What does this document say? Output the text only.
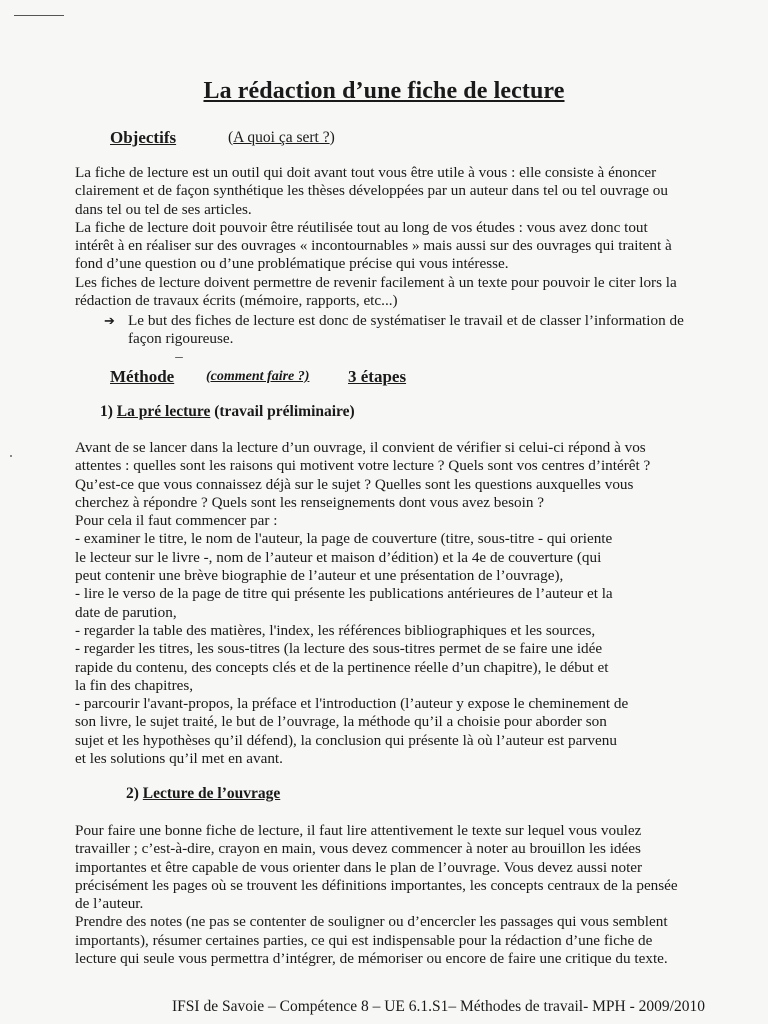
La rédaction d’une fiche de lecture
Objectifs	(A quoi ça sert ?)
La fiche de lecture est un outil qui doit avant tout vous être utile à vous : elle consiste à énoncer
clairement et de façon synthétique les thèses développées par un auteur dans tel ou tel ouvrage ou
dans tel ou tel de ses articles.
La fiche de lecture doit pouvoir être réutilisée tout au long de vos études : vous avez donc tout
intérêt à en réaliser sur des ouvrages « incontournables » mais aussi sur des ouvrages qui traitent à
fond d’une question ou d’une problématique précise qui vous intéresse.
Les fiches de lecture doivent permettre de revenir facilement à un texte pour pouvoir le citer lors la
rédaction de travaux écrits (mémoire, rapports, etc...)
➔ Le but des fiches de lecture est donc de systématiser le travail et de classer l’information de
façon rigoureuse.
Méthode (comment faire ?) 3 étapes
1) La pré lecture (travail préliminaire)
Avant de se lancer dans la lecture d’un ouvrage, il convient de vérifier si celui-ci répond à vos
attentes : quelles sont les raisons qui motivent votre lecture ? Quels sont vos centres d’intérêt ?
Qu’est-ce que vous connaissez déjà sur le sujet ? Quelles sont les questions auxquelles vous
cherchez à répondre ? Quels sont les renseignements dont vous avez besoin ?
Pour cela il faut commencer par :
- examiner le titre, le nom de l'auteur, la page de couverture (titre, sous-titre - qui oriente
le lecteur sur le livre -, nom de l’auteur et maison d’édition) et la 4e de couverture (qui
peut contenir une brève biographie de l’auteur et une présentation de l’ouvrage),
- lire le verso de la page de titre qui présente les publications antérieures de l’auteur et la
date de parution,
- regarder la table des matières, l'index, les références bibliographiques et les sources,
- regarder les titres, les sous-titres (la lecture des sous-titres permet de se faire une idée
rapide du contenu, des concepts clés et de la pertinence réelle d’un chapitre), le début et
la fin des chapitres,
- parcourir l'avant-propos, la préface et l'introduction (l’auteur y expose le cheminement de
son livre, le sujet traité, le but de l’ouvrage, la méthode qu’il a choisie pour aborder son
sujet et les hypothèses qu’il défend), la conclusion qui présente là où l’auteur est parvenu
et les solutions qu’il met en avant.
2) Lecture de l’ouvrage
Pour faire une bonne fiche de lecture, il faut lire attentivement le texte sur lequel vous voulez
travailler ; c’est-à-dire, crayon en main, vous devez commencer à noter au brouillon les idées
importantes et être capable de vous orienter dans le plan de l’ouvrage. Vous devez aussi noter
précisément les pages où se trouvent les définitions importantes, les concepts centraux de la pensée
de l’auteur.
Prendre des notes (ne pas se contenter de souligner ou d’encercler les passages qui vous semblent
importants), résumer certaines parties, ce qui est indispensable pour la rédaction d’une fiche de
lecture qui seule vous permettra d’intégrer, de mémoriser ou encore de faire une critique du texte.
IFSI de Savoie – Compétence 8 – UE 6.1.S1– Méthodes de travail- MPH - 2009/2010
